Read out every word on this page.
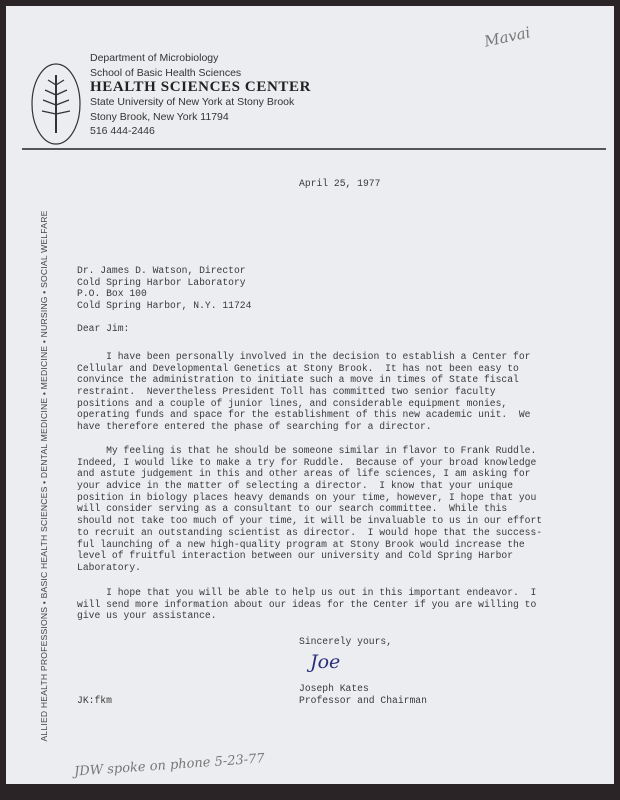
Department of Microbiology
School of Basic Health Sciences
HEALTH SCIENCES CENTER
State University of New York at Stony Brook
Stony Brook, New York 11794
516 444-2446
Mavai
ALLIED HEALTH PROFESSIONS • BASIC HEALTH SCIENCES • DENTAL MEDICINE • MEDICINE • NURSING • SOCIAL WELFARE
April 25, 1977
Dr. James D. Watson, Director
Cold Spring Harbor Laboratory
P.O. Box 100
Cold Spring Harbor, N.Y. 11724
Dear Jim:
I have been personally involved in the decision to establish a Center for
Cellular and Developmental Genetics at Stony Brook.  It has not been easy to
convince the administration to initiate such a move in times of State fiscal
restraint.  Nevertheless President Toll has committed two senior faculty
positions and a couple of junior lines, and considerable equipment monies,
operating funds and space for the establishment of this new academic unit.  We
have therefore entered the phase of searching for a director.
My feeling is that he should be someone similar in flavor to Frank Ruddle.
Indeed, I would like to make a try for Ruddle.  Because of your broad knowledge
and astute judgement in this and other areas of life sciences, I am asking for
your advice in the matter of selecting a director.  I know that your unique
position in biology places heavy demands on your time, however, I hope that you
will consider serving as a consultant to our search committee.  While this
should not take too much of your time, it will be invaluable to us in our effort
to recruit an outstanding scientist as director.  I would hope that the success-
ful launching of a new high-quality program at Stony Brook would increase the
level of fruitful interaction between our university and Cold Spring Harbor
Laboratory.
I hope that you will be able to help us out in this important endeavor.  I
will send more information about our ideas for the Center if you are willing to
give us your assistance.
Sincerely yours,
Joe
Joseph Kates
Professor and Chairman
JK:fkm
JDW spoke on phone 5-23-77
